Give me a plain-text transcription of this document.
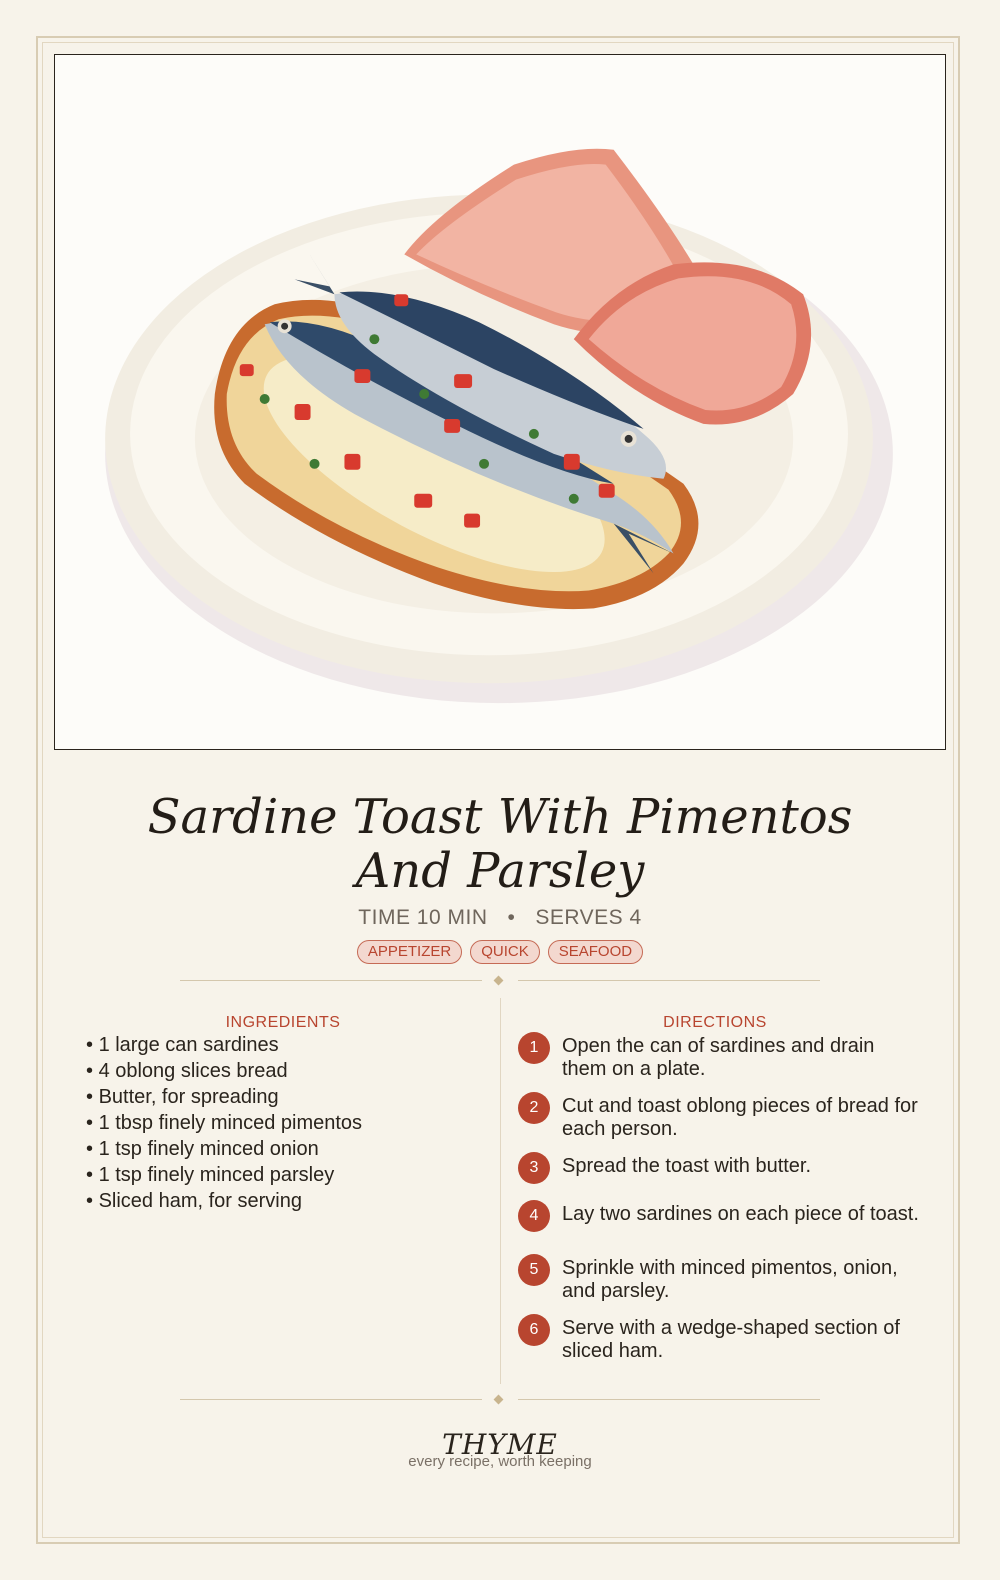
Sardine Toast With Pimentos And Parsley
TIME 10 MIN • SERVES 4
APPETIZER	QUICK	SEAFOOD
INGREDIENTS	DIRECTIONS
• 1 large can sardines
• 4 oblong slices bread
• Butter, for spreading
• 1 tbsp finely minced pimentos
• 1 tsp finely minced onion
• 1 tsp finely minced parsley
• Sliced ham, for serving
1	Open the can of sardines and drain them on a plate.
2	Cut and toast oblong pieces of bread for each person.
3	Spread the toast with butter.
4	Lay two sardines on each piece of toast.
5	Sprinkle with minced pimentos, onion, and parsley.
6	Serve with a wedge-shaped section of sliced ham.
THYME
every recipe, worth keeping
